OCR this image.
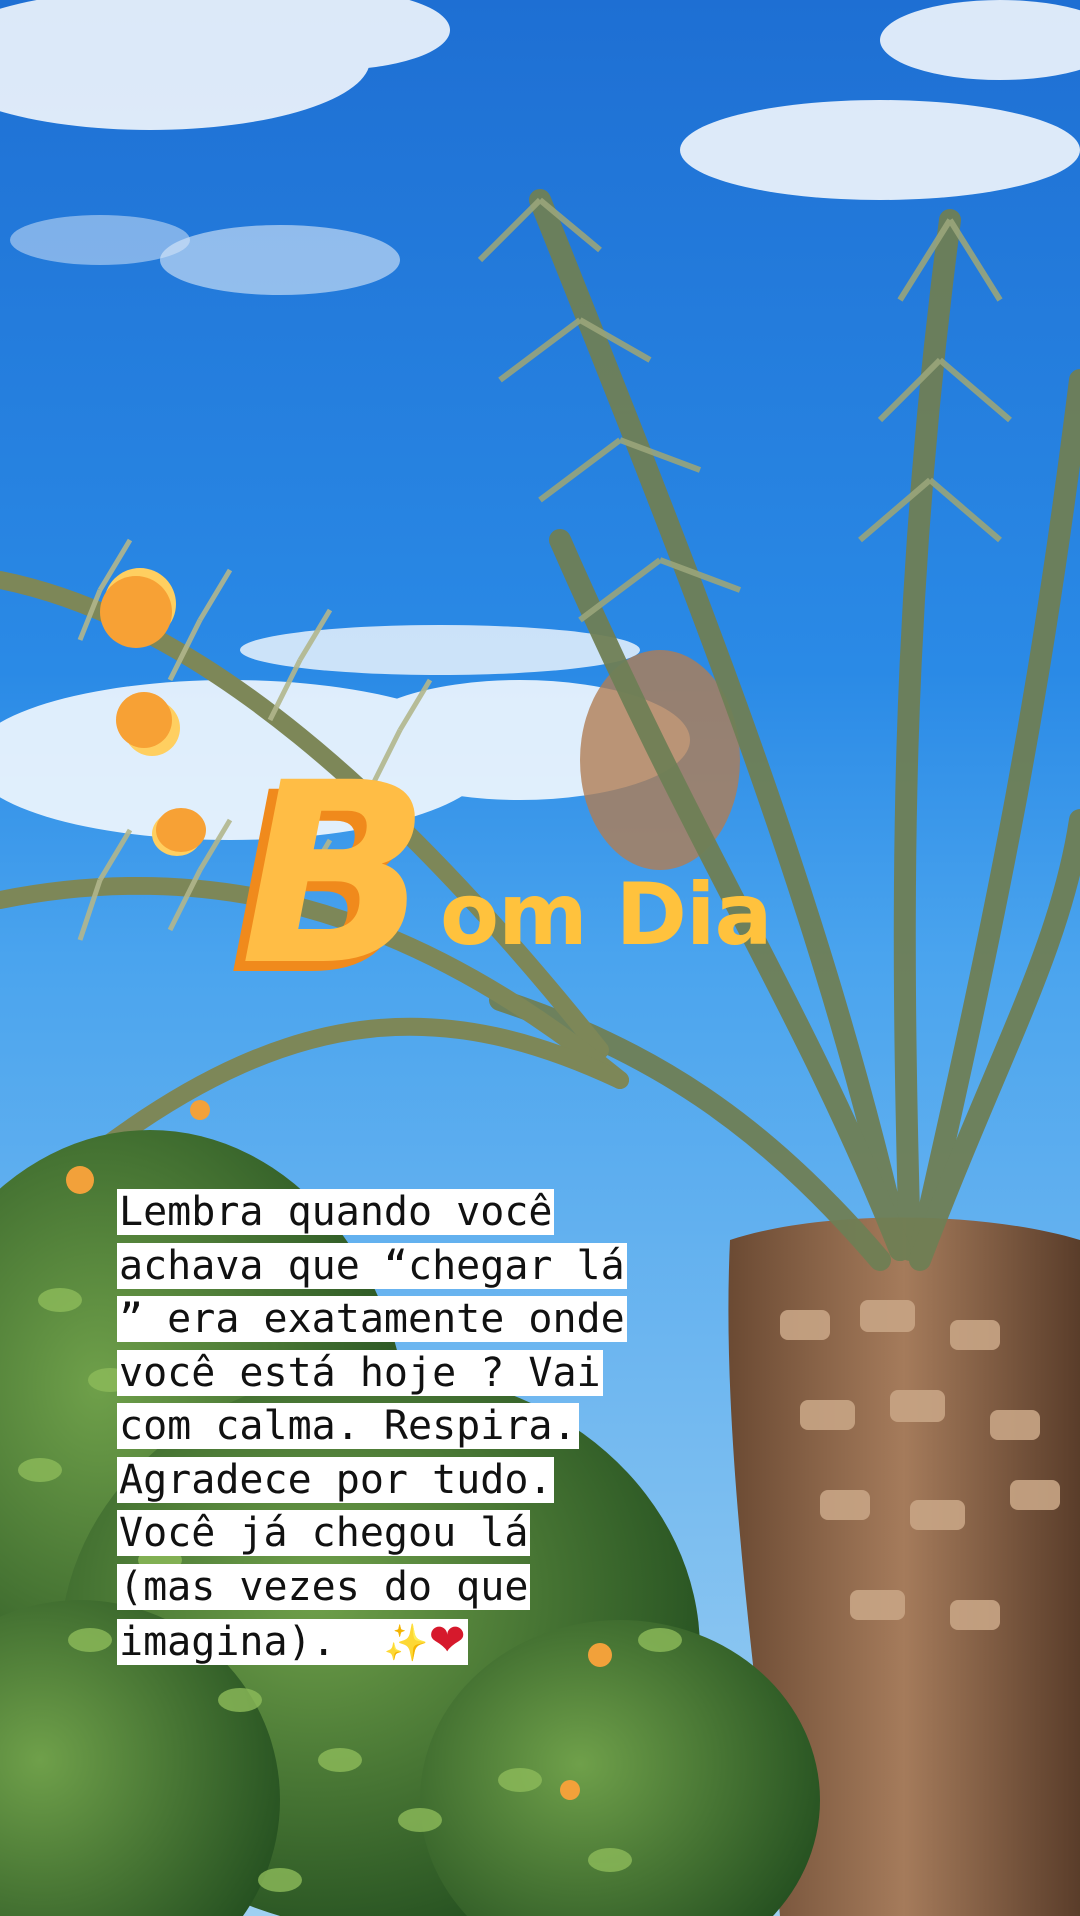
B om Dia
Lembra quando você
achava que “chegar lá
” era exatamente onde
você está hoje ? Vai
com calma. Respira.
Agradece por tudo.
Você já chegou lá
(mas vezes do que
imagina). ✨❤
